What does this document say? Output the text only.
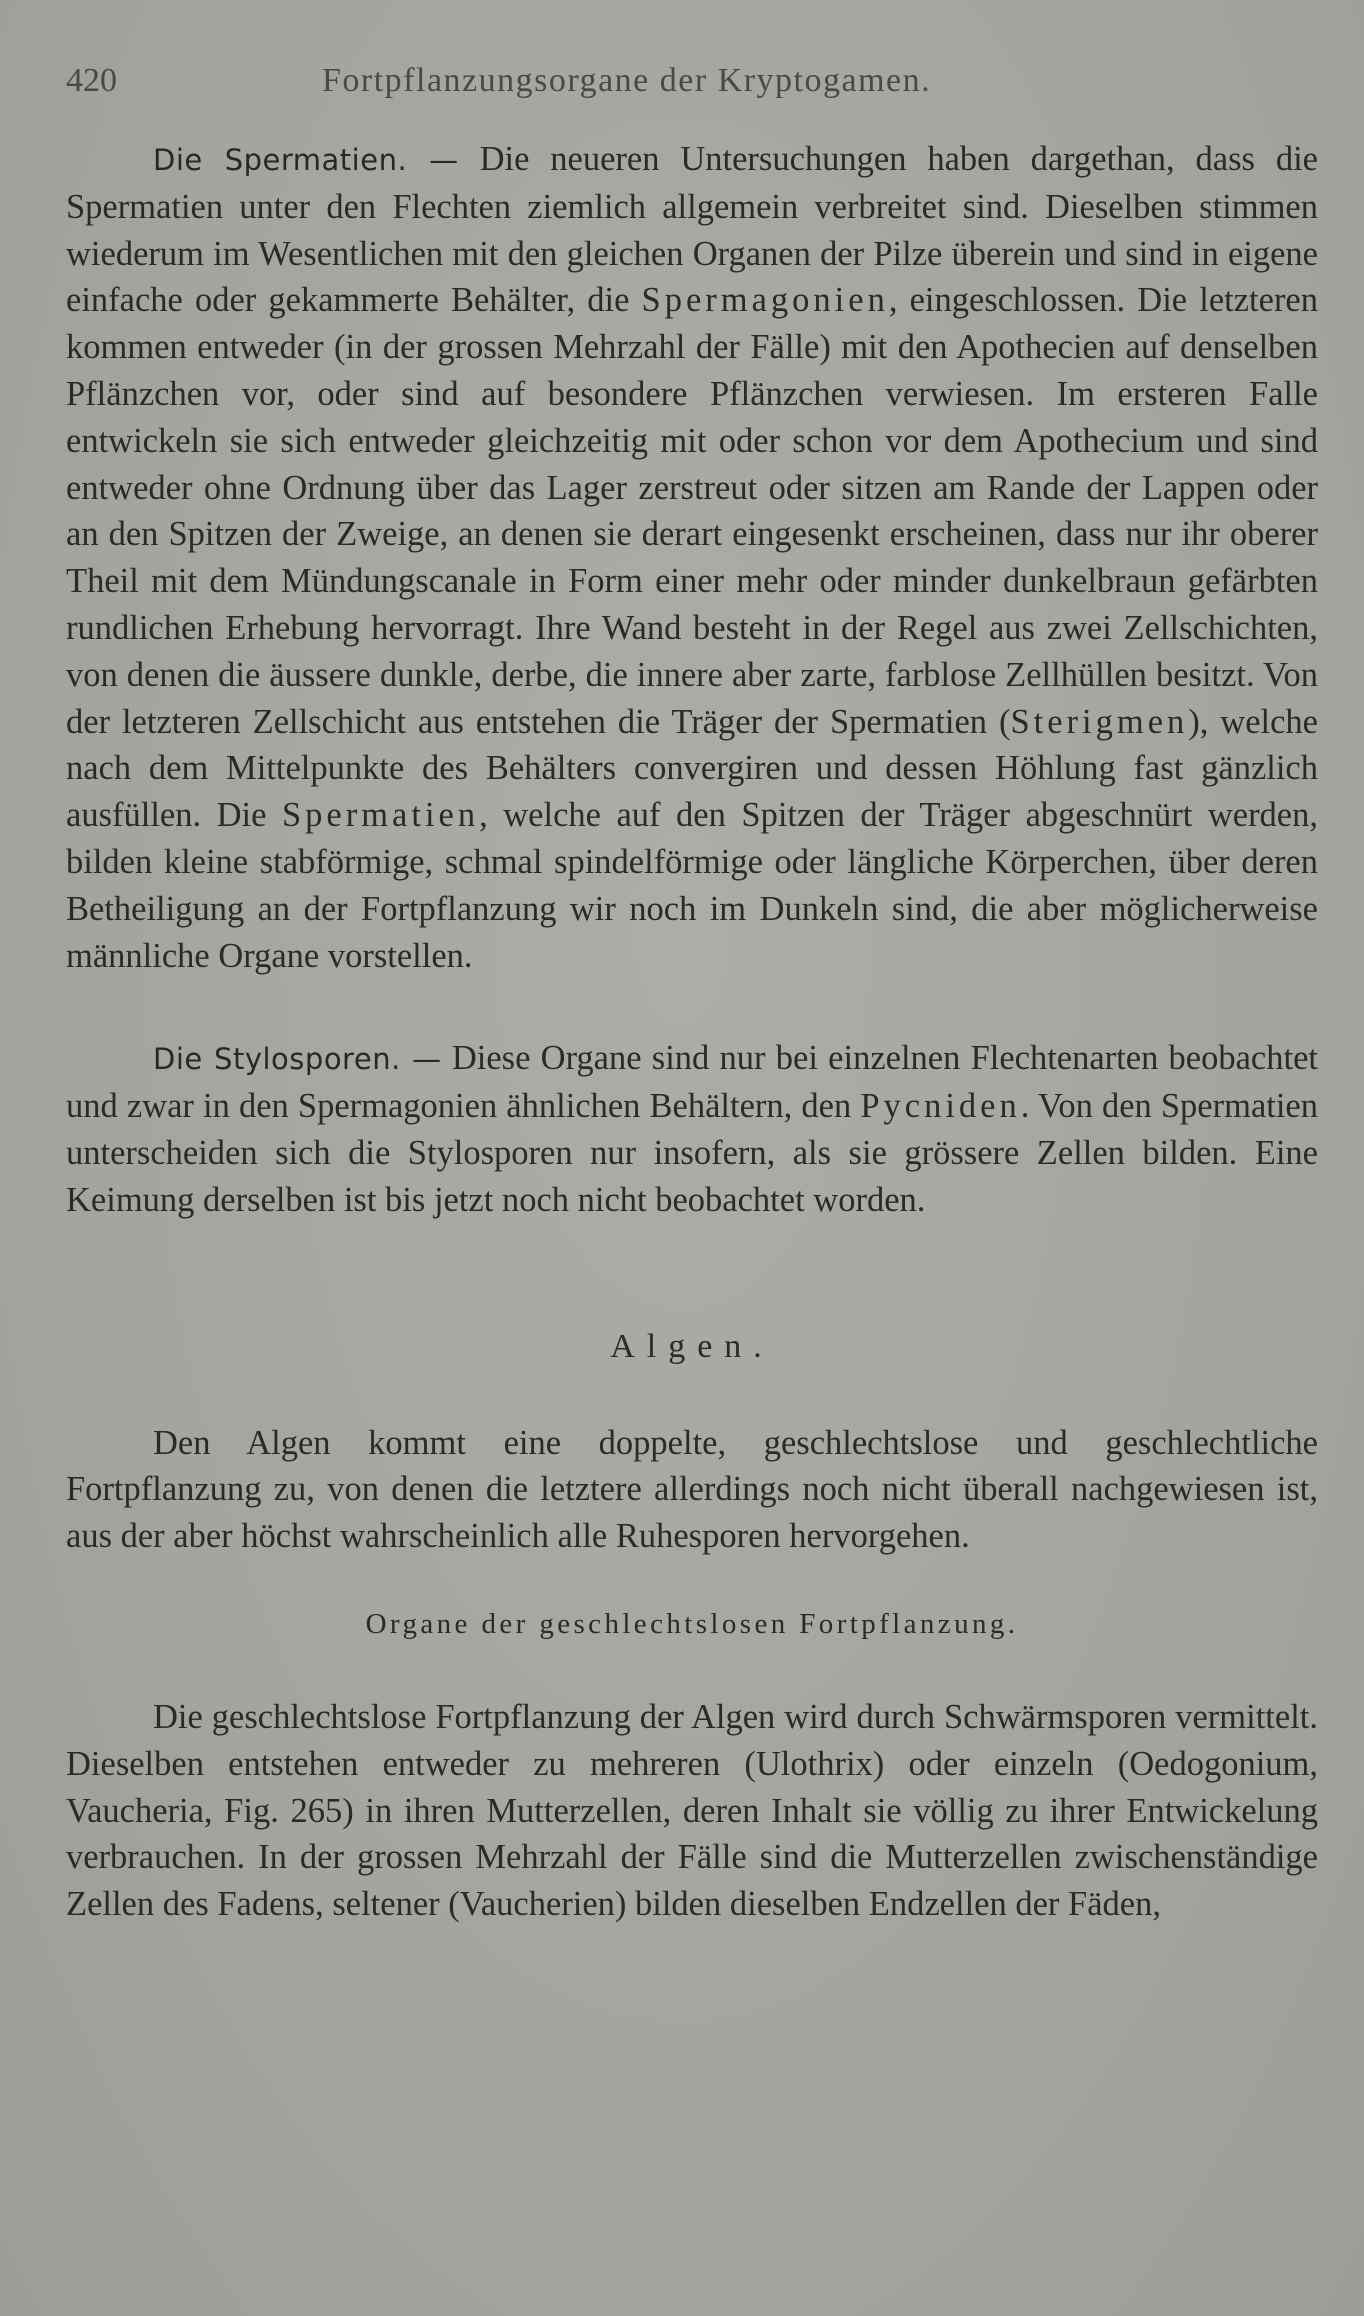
420	Fortpflanzungsorgane der Kryptogamen.

Die Spermatien. — Die neueren Untersuchungen haben dargethan, dass die Spermatien unter den Flechten ziemlich allgemein verbreitet sind. Dieselben stimmen wiederum im Wesentlichen mit den gleichen Organen der Pilze überein und sind in eigene einfache oder gekammerte Behälter, die Spermagonien, eingeschlossen. Die letzteren kommen entweder (in der grossen Mehrzahl der Fälle) mit den Apothecien auf denselben Pflänzchen vor, oder sind auf besondere Pflänzchen verwiesen. Im ersteren Falle entwickeln sie sich entweder gleichzeitig mit oder schon vor dem Apothecium und sind entweder ohne Ordnung über das Lager zerstreut oder sitzen am Rande der Lappen oder an den Spitzen der Zweige, an denen sie derart eingesenkt erscheinen, dass nur ihr oberer Theil mit dem Mündungscanale in Form einer mehr oder minder dunkelbraun gefärbten rundlichen Erhebung hervorragt. Ihre Wand besteht in der Regel aus zwei Zellschichten, von denen die äussere dunkle, derbe, die innere aber zarte, farblose Zellhüllen besitzt. Von der letzteren Zellschicht aus entstehen die Träger der Spermatien (Sterigmen), welche nach dem Mittelpunkte des Behälters convergiren und dessen Höhlung fast gänzlich ausfüllen. Die Spermatien, welche auf den Spitzen der Träger abgeschnürt werden, bilden kleine stabförmige, schmal spindelförmige oder längliche Körperchen, über deren Betheiligung an der Fortpflanzung wir noch im Dunkeln sind, die aber möglicherweise männliche Organe vorstellen.

Die Stylosporen. — Diese Organe sind nur bei einzelnen Flechtenarten beobachtet und zwar in den Spermagonien ähnlichen Behältern, den Pycniden. Von den Spermatien unterscheiden sich die Stylosporen nur insofern, als sie grössere Zellen bilden. Eine Keimung derselben ist bis jetzt noch nicht beobachtet worden.

Algen.

Den Algen kommt eine doppelte, geschlechtslose und geschlechtliche Fortpflanzung zu, von denen die letztere allerdings noch nicht überall nachgewiesen ist, aus der aber höchst wahrscheinlich alle Ruhesporen hervorgehen.

Organe der geschlechtslosen Fortpflanzung.

Die geschlechtslose Fortpflanzung der Algen wird durch Schwärmsporen vermittelt. Dieselben entstehen entweder zu mehreren (Ulothrix) oder einzeln (Oedogonium, Vaucheria, Fig. 265) in ihren Mutterzellen, deren Inhalt sie völlig zu ihrer Entwickelung verbrauchen. In der grossen Mehrzahl der Fälle sind die Mutterzellen zwischenständige Zellen des Fadens, seltener (Vaucherien) bilden dieselben Endzellen der Fäden,
